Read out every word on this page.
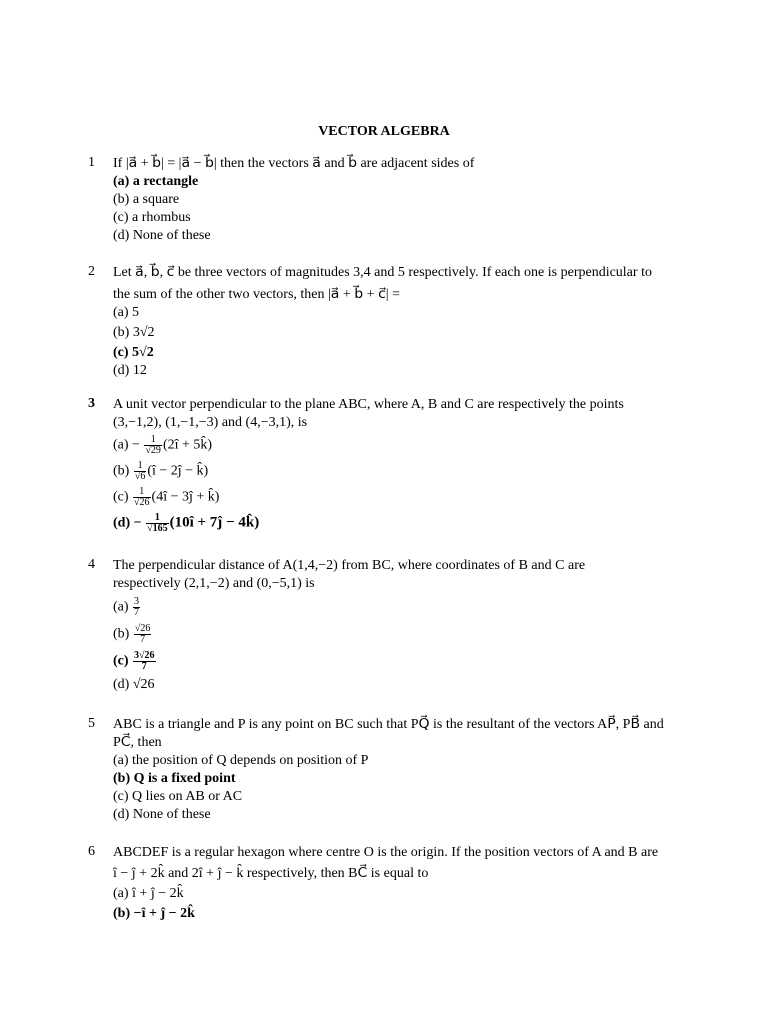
VECTOR ALGEBRA
1 If |a⃗ + b⃗| = |a⃗ − b⃗| then the vectors a⃗ and b⃗ are adjacent sides of
(a) a rectangle
(b) a square
(c) a rhombus
(d) None of these
2 Let a⃗, b⃗, c⃗ be three vectors of magnitudes 3,4 and 5 respectively. If each one is perpendicular to
the sum of the other two vectors, then |a⃗ + b⃗ + c⃗| =
(a) 5
(b) 3√2
(c) 5√2
(d) 12
3 A unit vector perpendicular to the plane ABC, where A, B and C are respectively the points
(3,−1,2), (1,−1,−3) and (4,−3,1), is
$(a) - \frac{1}{√29}$ (2î + 5k̂)
$(b) \frac{1}{√6}$ (î − 2ĵ − k̂)
$(c) \frac{1}{√26}$ (4î − 3ĵ + k̂)
$(d) - \frac{1}{√165}$ (10î + 7ĵ − 4k̂)
4 The perpendicular distance of A(1,4,−2) from BC, where coordinates of B and C are
respectively (2,1,−2) and (0,−5,1) is
$(a) \frac{3}{7}$
$(b) \frac{√26}{7}$
$(c) \frac{3√26}{7}$
(d) √26
5 ABC is a triangle and P is any point on BC such that PQ⃗ is the resultant of the vectors AP⃗, PB⃗ and
PC⃗, then
(a) the position of Q depends on position of P
(b) Q is a fixed point
(c) Q lies on AB or AC
(d) None of these
6 ABCDEF is a regular hexagon where centre O is the origin. If the position vectors of A and B are
î − ĵ + 2k̂ and 2î + ĵ − k̂ respectively, then BC⃗ is equal to
(a) î + ĵ − 2k̂
(b) −î + ĵ − 2k̂
